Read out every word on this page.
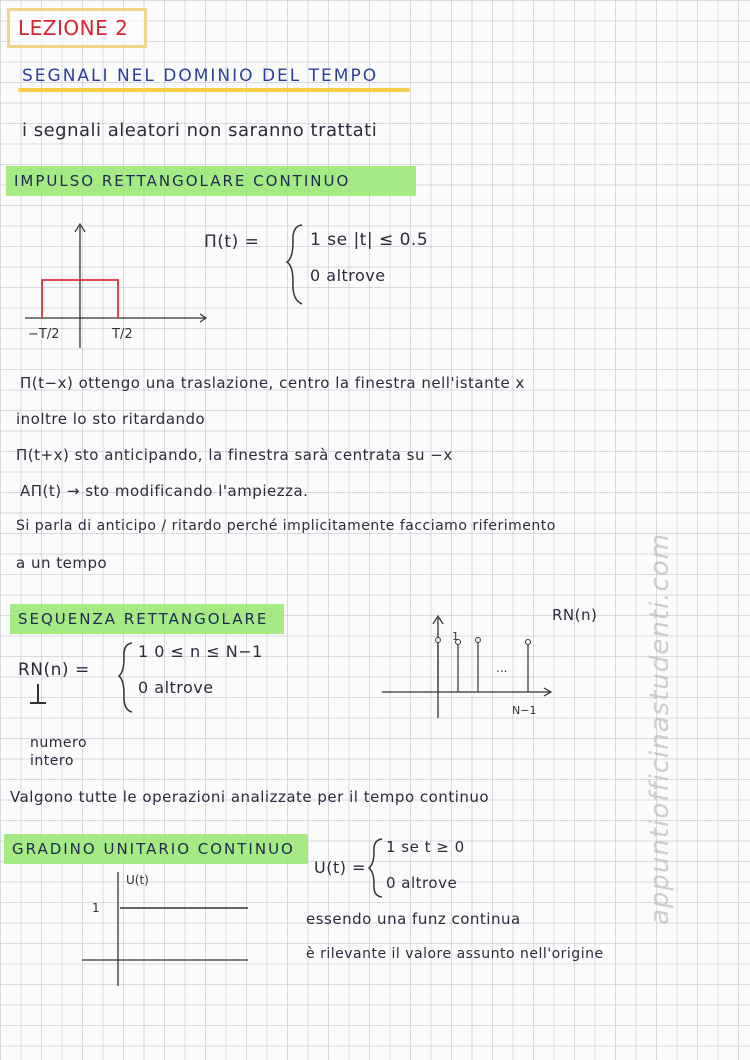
LEZIONE 2
SEGNALI NEL DOMINIO DEL TEMPO
i segnali aleatori non saranno trattati
IMPULSO RETTANGOLARE CONTINUO
−T/2	T/2
Π(t) =	1 se |t| ≤ 0.5
0 altrove
Π(t−x) ottengo una traslazione, centro la finestra nell'istante x
inoltre lo sto ritardando
Π(t+x) sto anticipando, la finestra sarà centrata su −x
AΠ(t) → sto modificando l'ampiezza.
Si parla di anticipo / ritardo perché implicitamente facciamo riferimento
a un tempo
SEQUENZA RETTANGOLARE
RN(n) =
1 0 ≤ n ≤ N−1
0 altrove
numero intero
1
...
N−1
RN(n)
Valgono tutte le operazioni analizzate per il tempo continuo
GRADINO UNITARIO CONTINUO
U(t)
1
U(t) =
1 se t ≥ 0
0 altrove
essendo una funz continua
è rilevante il valore assunto nell'origine
appuntiofficinastudenti.com
